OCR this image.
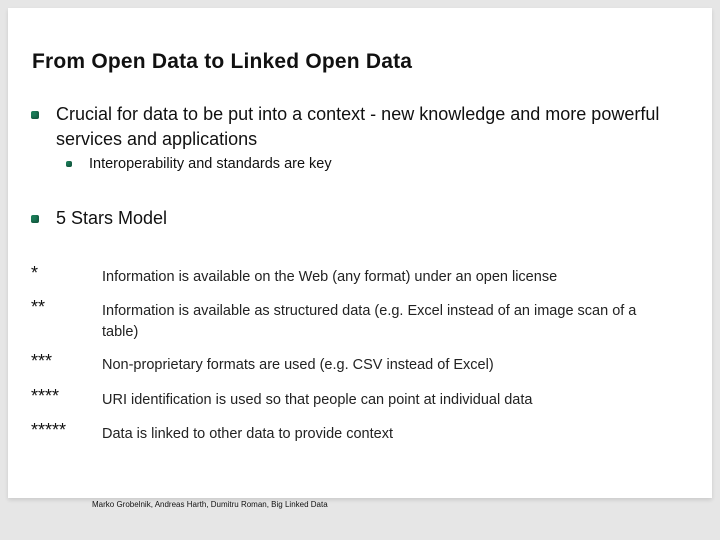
From Open Data to Linked Open Data
Crucial for data to be put into a context - new knowledge and more powerful services and applications
Interoperability and standards are key
5 Stars Model
*	Information is available on the Web (any format) under an open license
**	Information is available as structured data (e.g. Excel instead of an image scan of a table)
***	Non-proprietary formats are used (e.g. CSV instead of Excel)
****	URI identification is used so that people can point at individual data
***** Data is linked to other data to provide context
Marko Grobelnik, Andreas Harth, Dumitru Roman, Big Linked Data
